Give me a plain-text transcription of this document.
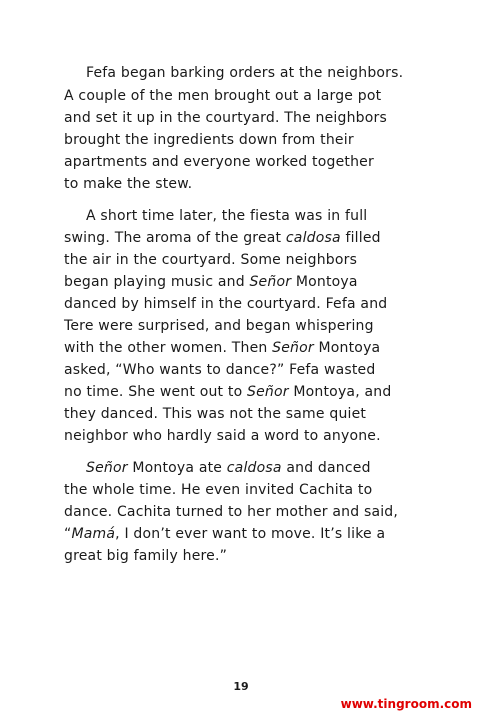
Fefa began barking orders at the neighbors.

A couple of the men brought out a large pot

and set it up in the courtyard. The neighbors

brought the ingredients down from their

apartments and everyone worked together

to make the stew.

A short time later, the fiesta was in full

swing. The aroma of the great caldosa filled

the air in the courtyard. Some neighbors

began playing music and Señor Montoya

danced by himself in the courtyard. Fefa and

Tere were surprised, and began whispering

with the other women. Then Señor Montoya

asked, “Who wants to dance?” Fefa wasted

no time. She went out to Señor Montoya, and

they danced. This was not the same quiet

neighbor who hardly said a word to anyone.

Señor Montoya ate caldosa and danced

the whole time. He even invited Cachita to

dance. Cachita turned to her mother and said,

“Mamá, I don’t ever want to move. It’s like a

great big family here.”

19

www.tingroom.com
